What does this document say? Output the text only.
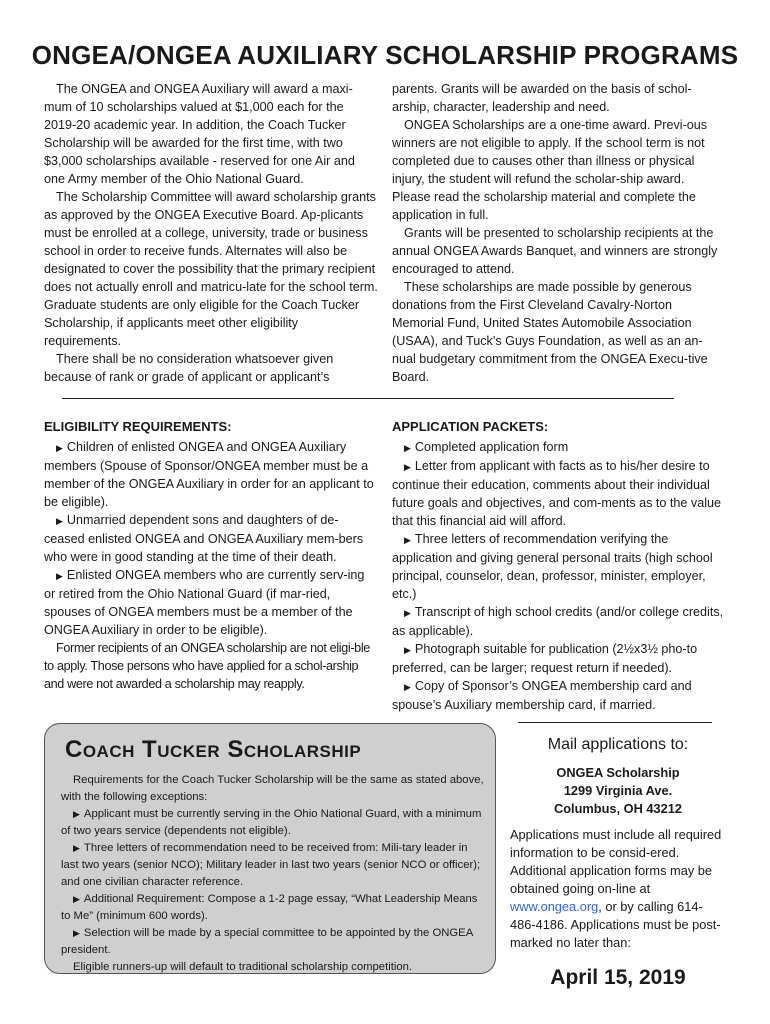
ONGEA/ONGEA AUXILIARY SCHOLARSHIP PROGRAMS

The ONGEA and ONGEA Auxiliary will award a maxi-mum of 10 scholarships valued at $1,000 each for the 2019-20 academic year. In addition, the Coach Tucker Scholarship will be awarded for the first time, with two $3,000 scholarships available - reserved for one Air and one Army member of the Ohio National Guard.

The Scholarship Committee will award scholarship grants as approved by the ONGEA Executive Board. Ap-plicants must be enrolled at a college, university, trade or business school in order to receive funds. Alternates will also be designated to cover the possibility that the primary recipient does not actually enroll and matricu-late for the school term. Graduate students are only eligible for the Coach Tucker Scholarship, if applicants meet other eligibility requirements.

There shall be no consideration whatsoever given because of rank or grade of applicant or applicant’s

parents. Grants will be awarded on the basis of schol-arship, character, leadership and need.

ONGEA Scholarships are a one-time award. Previ-ous winners are not eligible to apply. If the school term is not completed due to causes other than illness or physical injury, the student will refund the scholar-ship award. Please read the scholarship material and complete the application in full.

Grants will be presented to scholarship recipients at the annual ONGEA Awards Banquet, and winners are strongly encouraged to attend.

These scholarships are made possible by generous donations from the First Cleveland Cavalry-Norton Memorial Fund, United States Automobile Association (USAA), and Tuck’s Guys Foundation, as well as an an-nual budgetary commitment from the ONGEA Execu-tive Board.

ELIGIBILITY REQUIREMENTS:

▶ Children of enlisted ONGEA and ONGEA Auxiliary members (Spouse of Sponsor/ONGEA member must be a member of the ONGEA Auxiliary in order for an applicant to be eligible).

▶ Unmarried dependent sons and daughters of de-ceased enlisted ONGEA and ONGEA Auxiliary mem-bers who were in good standing at the time of their death.

▶ Enlisted ONGEA members who are currently serv-ing or retired from the Ohio National Guard (if mar-ried, spouses of ONGEA members must be a member of the ONGEA Auxiliary in order to be eligible).

Former recipients of an ONGEA scholarship are not eligi-ble to apply. Those persons who have applied for a schol-arship and were not awarded a scholarship may reapply.

APPLICATION PACKETS:

▶ Completed application form

▶ Letter from applicant with facts as to his/her desire to continue their education, comments about their individual future goals and objectives, and com-ments as to the value that this financial aid will afford.

▶ Three letters of recommendation verifying the application and giving general personal traits (high school principal, counselor, dean, professor, minister, employer, etc.)

▶ Transcript of high school credits (and/or college credits, as applicable).

▶ Photograph suitable for publication (2½x3½ pho-to preferred, can be larger; request return if needed).

▶ Copy of Sponsor’s ONGEA membership card and spouse’s Auxiliary membership card, if married.

Coach Tucker Scholarship

Requirements for the Coach Tucker Scholarship will be the same as stated above, with the following exceptions:

▶ Applicant must be currently serving in the Ohio National Guard, with a minimum of two years service (dependents not eligible).

▶ Three letters of recommendation need to be received from: Mili-tary leader in last two years (senior NCO); Military leader in last two years (senior NCO or officer); and one civilian character reference.

▶ Additional Requirement: Compose a 1-2 page essay, “What Leadership Means to Me” (minimum 600 words).

▶ Selection will be made by a special committee to be appointed by the ONGEA president.

Eligible runners-up will default to traditional scholarship competition.

Mail applications to:

ONGEA Scholarship

1299 Virginia Ave.

Columbus, OH 43212

Applications must include all required information to be consid-ered. Additional application forms may be obtained going on-line at www.ongea.org, or by calling 614-486-4186. Applications must be post-marked no later than:

April 15, 2019
